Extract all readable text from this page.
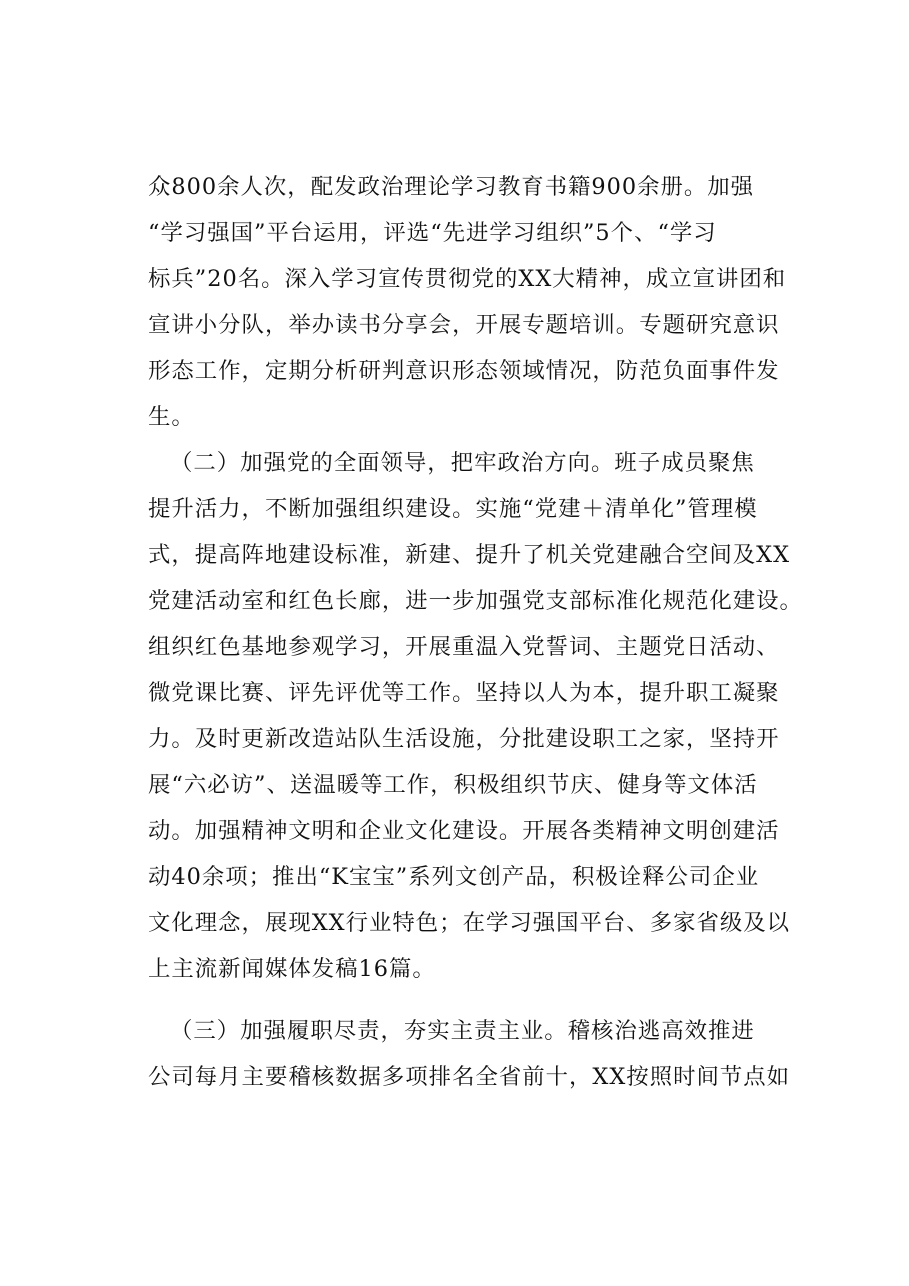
众800余人次，配发政治理论学习教育书籍900余册。加强
“学习强国”平台运用，评选“先进学习组织”5个、“学习
标兵”20名。深入学习宣传贯彻党的XX大精神，成立宣讲团和
宣讲小分队，举办读书分享会，开展专题培训。专题研究意识
形态工作，定期分析研判意识形态领域情况，防范负面事件发
生。
（二）加强党的全面领导，把牢政治方向。班子成员聚焦
提升活力，不断加强组织建设。实施“党建＋清单化”管理模
式，提高阵地建设标准，新建、提升了机关党建融合空间及XX
党建活动室和红色长廊，进一步加强党支部标准化规范化建设。
组织红色基地参观学习，开展重温入党誓词、主题党日活动、
微党课比赛、评先评优等工作。坚持以人为本，提升职工凝聚
力。及时更新改造站队生活设施，分批建设职工之家，坚持开
展“六必访”、送温暖等工作，积极组织节庆、健身等文体活
动。加强精神文明和企业文化建设。开展各类精神文明创建活
动40余项；推出“K宝宝”系列文创产品，积极诠释公司企业
文化理念，展现XX行业特色；在学习强国平台、多家省级及以
上主流新闻媒体发稿16篇。
（三）加强履职尽责，夯实主责主业。稽核治逃高效推进
公司每月主要稽核数据多项排名全省前十，XX按照时间节点如
